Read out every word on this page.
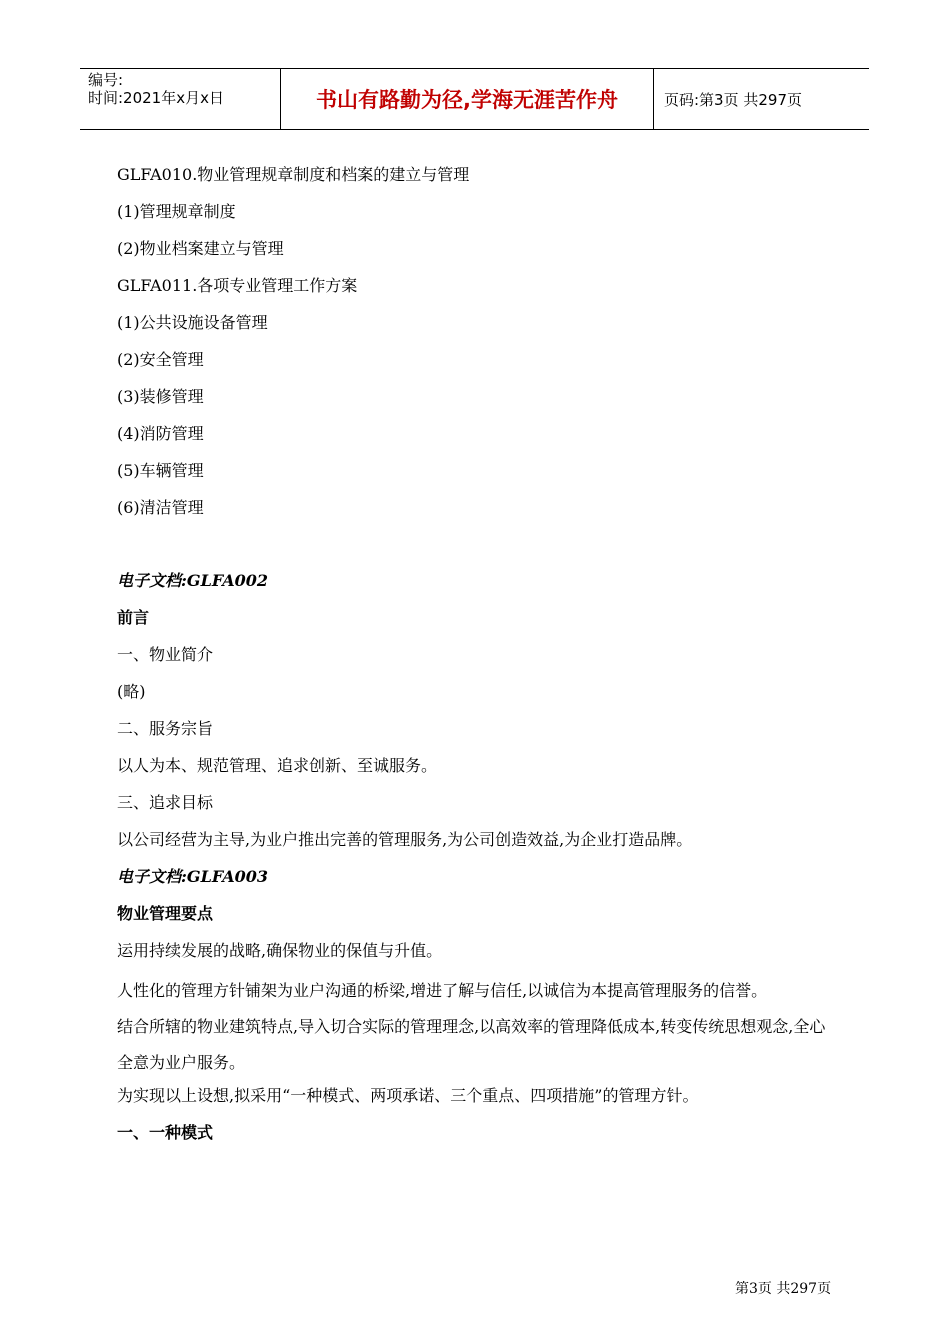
编号:
时间:2021年x月x日	书山有路勤为径,学海无涯苦作舟	页码:第3页 共297页
GLFA010.物业管理规章制度和档案的建立与管理
(1)管理规章制度
(2)物业档案建立与管理
GLFA011.各项专业管理工作方案
(1)公共设施设备管理
(2)安全管理
(3)装修管理
(4)消防管理
(5)车辆管理
(6)清洁管理
电子文档:GLFA002
前言
一、物业简介
(略)
二、服务宗旨
以人为本、规范管理、追求创新、至诚服务。
三、追求目标
以公司经营为主导,为业户推出完善的管理服务,为公司创造效益,为企业打造品牌。
电子文档:GLFA003
物业管理要点
运用持续发展的战略,确保物业的保值与升值。
人性化的管理方针铺架为业户沟通的桥梁,增进了解与信任,以诚信为本提高管理服务的信誉。
结合所辖的物业建筑特点,导入切合实际的管理理念,以高效率的管理降低成本,转变传统思想观念,全心全意为业户服务。
为实现以上设想,拟采用“一种模式、两项承诺、三个重点、四项措施”的管理方针。
一、一种模式
第3页 共297页
